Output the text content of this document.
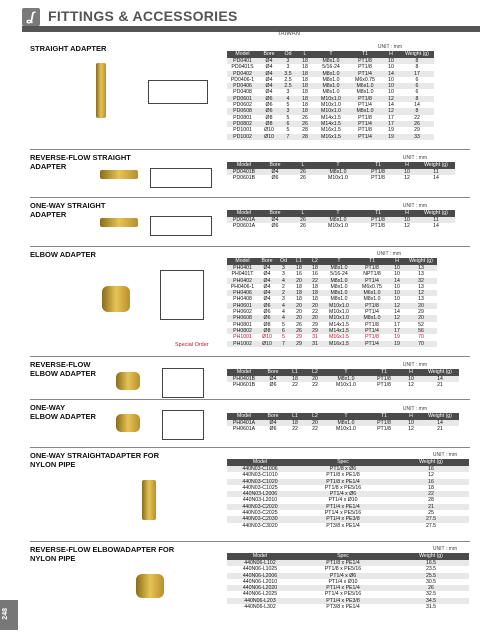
ʆ FITTINGS & ACCESSORIES
TAIWAN
248
Special Order
STRAIGHT ADAPTER	UNIT : mm
Model	Bore	Od	L	T	T1	H	Weight (g)
PD0401	Ø4	3	18	M8x1.0	PT1/8	10	8
PD0401S	Ø4	3	18	5/16-24	PT1/8	10	8
PD0402	Ø4	3.5	18	M8x1.0	PT1/4	14	17
PD0406-1	Ø4	2.5	18	M8x1.0	M6x0.75	10	6
PD0406	Ø4	2.5	18	M8x1.0	M6x1.0	10	6
PD0408	Ø4	3	18	M8x1.0	M8x1.0	10	6
PD0601	Ø6	4	18	M10x1.0	PT1/8	12	8
PD0602	Ø6	5	18	M10x1.0	PT1/4	14	14
PD0608	Ø6	3	18	M10x1.0	M8x1.0	12	8
PD0801	Ø8	5	26	M14x1.5	PT1/8	17	22
PD0802	Ø8	6	26	M14x1.5	PT1/4	17	26
PD1001	Ø10	5	28	M16x1.5	PT1/8	19	29
PD1002	Ø10	7	28	M16x1.5	PT1/4	19	33
REVERSE-FLOW STRAIGHT
ADAPTER
UNIT : mm
Model	Bore	L	T	T1	H	Weight (g)
PD0401B	Ø4	26	M8x1.0	PT1/8	10	11
PD0601B	Ø6	26	M10x1.0	PT1/8	12	14
ONE-WAY STRAIGHT
ADAPTER
UNIT : mm
Model	Bore	L	T	T1	H	Weight (g)
PD0401A	Ø4	26	M8x1.0	PT1/8	10	11
PD0601A	Ø6	26	M10x1.0	PT1/8	12	14
ELBOW ADAPTER	UNIT : mm
Model	Bore	Od	L1	L2	T	T1	H	Weight (g)
PH0401	Ø4	3	18	18	M8x1.0	PT1/8	10	13
PH0401T	Ø4	3	16	16	5/16-24	NPT1/8	10	13
PH0402	Ø4	4	20	22	M8x1.0	PT1/4	14	32
PH0406-1	Ø4	2	18	18	M8x1.0	M6x0.75	10	13
PH0406	Ø4	2	18	18	M8x1.0	M6x1.0	10	12
PH0408	Ø4	3	18	18	M8x1.0	M8x1.0	10	13
PH0601	Ø6	4	20	20	M10x1.0	PT1/8	12	20
PH0602	Ø6	4	20	22	M10x1.0	PT1/4	14	29
PH0608	Ø6	4	20	20	M10x1.0	M8x1.0	12	20
PH0801	Ø8	5	26	29	M14x1.5	PT1/8	17	52
PH0802	Ø8	6	26	29	M14x1.5	PT1/4	17	56
PH1001	Ø10	5	29	31	M16x1.5	PT1/8	19	70
PH1002	Ø10	7	29	31	M16x1.5	PT1/4	19	70
REVERSE-FLOW
ELBOW ADAPTER
UNIT : mm
Model	Bore	L1	L2	T	T1	H	Weight (g)
PH0401B	Ø4	18	20	M8x1.0	PT1/8	10	14
PH0601B	Ø6	22	22	M10x1.0	PT1/8	12	21
ONE-WAY
ELBOW ADAPTER
UNIT : mm
Model	Bore	L1	L2	T	T1	H	Weight (g)
PH0401A	Ø4	18	20	M8x1.0	PT1/8	10	14
PH0601A	Ø6	22	22	M10x1.0	PT1/8	12	21
ONE-WAY STRAIGHTADAPTER FOR
NYLON PIPE
UNIT : mm
Model	Spec	Weight (g)
440N03-C1006	PT1/8 x Ø6	16
440N03-C1010	PT1/8 x PE1/8	12
440N03-C1020	PT1/8 x PE1/4	16
440N03-C1025	PT1/8 x PE5/16	18
440N03-L2006	PT1/4 x Ø6	22
440N03-L2010	PT1/4 x Ø10	28
440N03-C2020	PT1/4 x PE1/4	21
440N03-C2025	PT1/4 x PE5/16	25
440N03-C2030	PT1/4 x PE3/8	27.5
440N03-C3020	PT3/8 x PE1/4	27.5
REVERSE-FLOW ELBOWADAPTER FOR
NYLON PIPE
UNIT : mm
Model	Spec	Weight (g)
440N06-L102	PT1/8 x PE1/4	16.5
440N06-L1025	PT1/8 x PE5/16	23.5
440N06-L2006	PT1/4 x Ø6	25.5
440N06-L2010	PT1/4 x Ø10	30.5
440N06-L2020	PT1/4 x PE1/4	26
440N06-L2025	PT1/4 x PE5/16	32.5
440N06-L203	PT1/4 x PE3/8	34.5
440N06-L302	PT3/8 x PE1/4	31.5
